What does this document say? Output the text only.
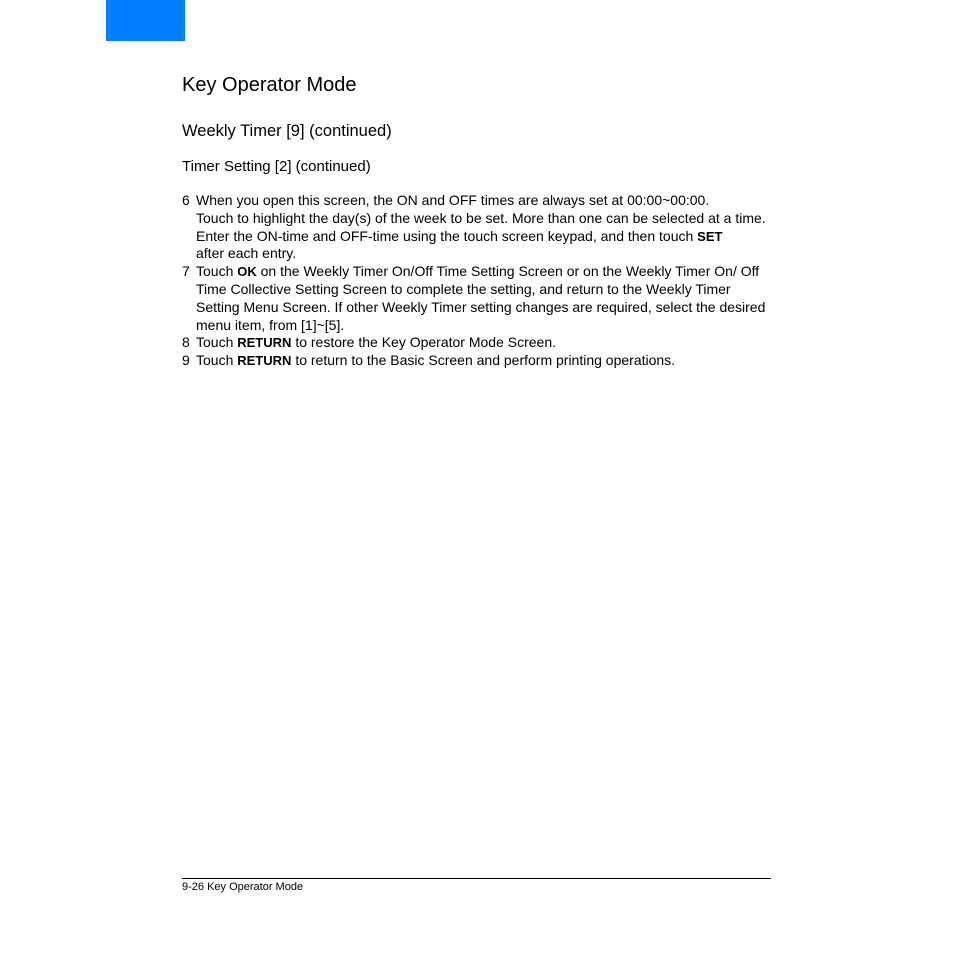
Key Operator Mode
Weekly Timer [9] (continued)
Timer Setting [2] (continued)
6 When you open this screen, the ON and OFF times are always set at 00:00~00:00.
Touch to highlight the day(s) of the week to be set. More than one can be selected at a time.
Enter the ON-time and OFF-time using the touch screen keypad, and then touch SET
after each entry.
7 Touch OK on the Weekly Timer On/Off Time Setting Screen or on the Weekly Timer On/ Off Time Collective Setting Screen to complete the setting, and return to the Weekly Timer Setting Menu Screen. If other Weekly Timer setting changes are required, select the desired menu item, from [1]~[5].
8 Touch RETURN to restore the Key Operator Mode Screen.
9 Touch RETURN to return to the Basic Screen and perform printing operations.
9-26 Key Operator Mode
